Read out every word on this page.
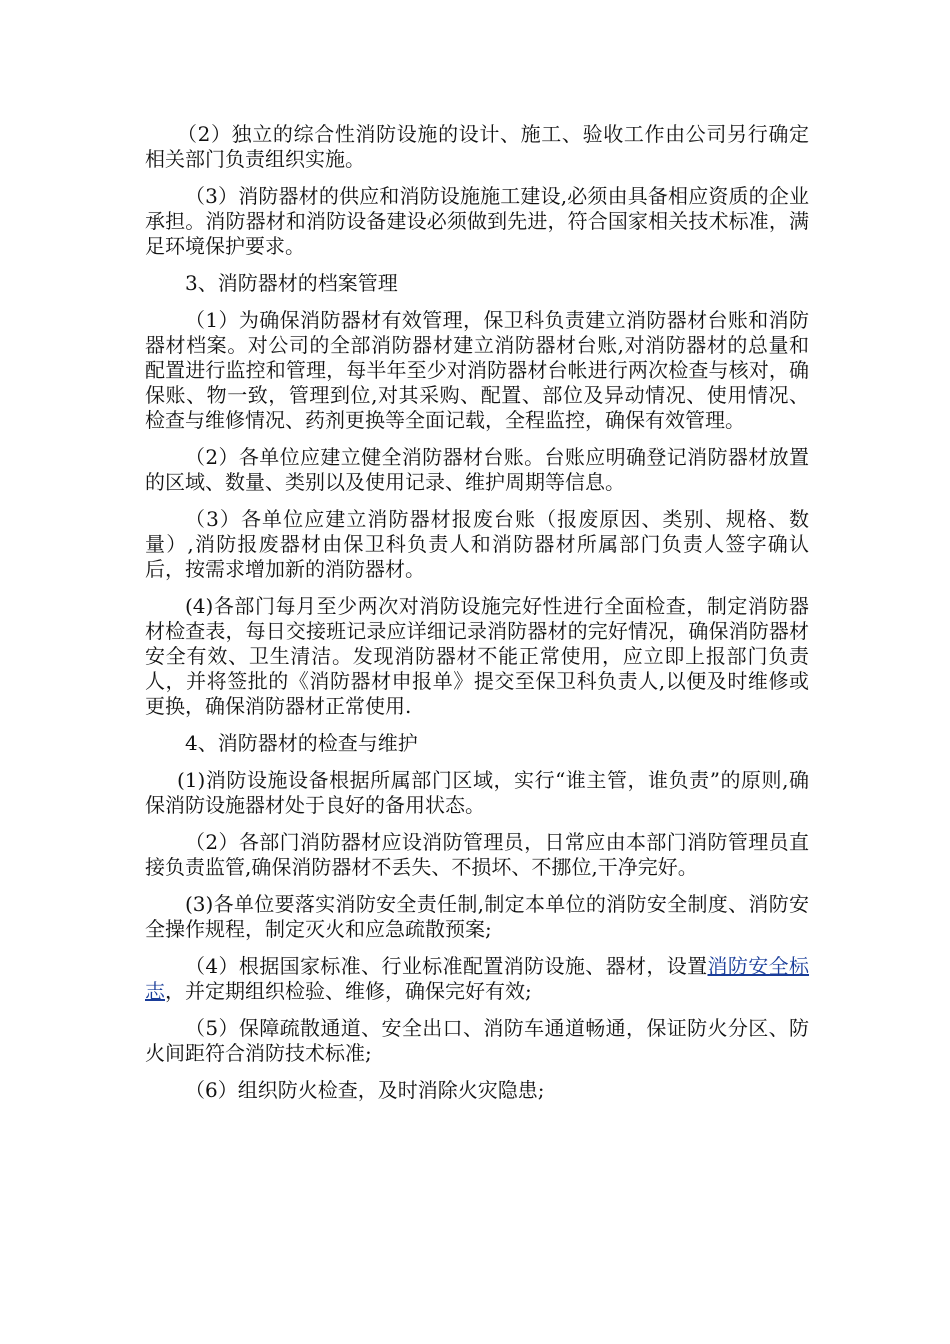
（2）独立的综合性消防设施的设计、施工、验收工作由公司另行确定相关部门负责组织实施。

（3）消防器材的供应和消防设施施工建设,必须由具备相应资质的企业承担。消防器材和消防设备建设必须做到先进，符合国家相关技术标准，满足环境保护要求。

3、消防器材的档案管理

（1）为确保消防器材有效管理，保卫科负责建立消防器材台账和消防器材档案。对公司的全部消防器材建立消防器材台账,对消防器材的总量和配置进行监控和管理，每半年至少对消防器材台帐进行两次检查与核对，确保账、物一致，管理到位,对其采购、配置、部位及异动情况、使用情况、检查与维修情况、药剂更换等全面记载，全程监控，确保有效管理。

（2）各单位应建立健全消防器材台账。台账应明确登记消防器材放置的区域、数量、类别以及使用记录、维护周期等信息。

（3）各单位应建立消防器材报废台账（报废原因、类别、规格、数量）,消防报废器材由保卫科负责人和消防器材所属部门负责人签字确认后，按需求增加新的消防器材。

(4)各部门每月至少两次对消防设施完好性进行全面检查，制定消防器材检查表，每日交接班记录应详细记录消防器材的完好情况，确保消防器材安全有效、卫生清洁。发现消防器材不能正常使用，应立即上报部门负责人，并将签批的《消防器材申报单》提交至保卫科负责人,以便及时维修或更换，确保消防器材正常使用.

4、消防器材的检查与维护

(1)消防设施设备根据所属部门区域，实行“谁主管，谁负责”的原则,确保消防设施器材处于良好的备用状态。

（2）各部门消防器材应设消防管理员，日常应由本部门消防管理员直接负责监管,确保消防器材不丢失、不损坏、不挪位,干净完好。

(3)各单位要落实消防安全责任制,制定本单位的消防安全制度、消防安全操作规程，制定灭火和应急疏散预案;

（4）根据国家标准、行业标准配置消防设施、器材，设置消防安全标志，并定期组织检验、维修，确保完好有效;

（5）保障疏散通道、安全出口、消防车通道畅通，保证防火分区、防火间距符合消防技术标准;

（6）组织防火检查，及时消除火灾隐患;
